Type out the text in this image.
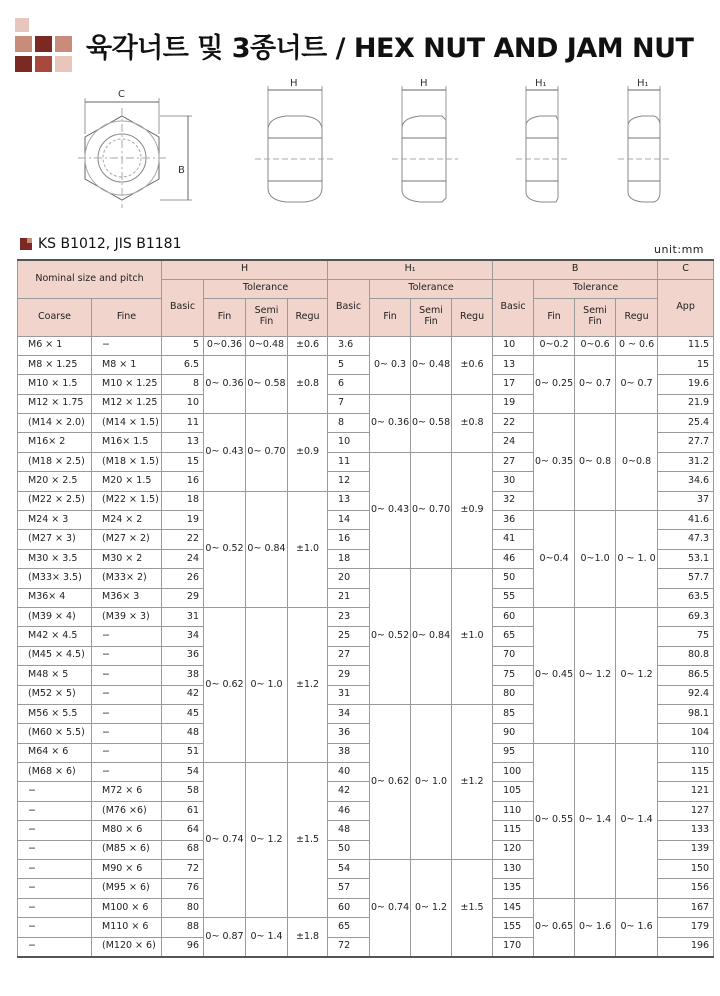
육각너트 및 3종너트 / HEX NUT AND JAM NUT
C
B
H	H	H₁	H₁
KS B1012, JIS B1181	unit:mm
Nominal size and pitch		H				H₁				B				C
		Basic	Tolerance			Basic	Tolerance			Basic	Tolerance			App
Coarse	Fine		Fin	Semi Fin	Regu		Fin	Semi Fin	Regu		Fin	Semi Fin	Regu	
M6 × 1	−	5	0~0.36	0~0.48	±0.6	3.6	0~ 0.3	0~ 0.48	±0.6	10	0~0.2	0~0.6	0 ~ 0.6	11.5
M8 × 1.25	M8 × 1	6.5	0~ 0.36	0~ 0.58	±0.8	5				13	0~ 0.25	0~ 0.7	0~ 0.7	15
M10 × 1.5	M10 × 1.25	8				6				17				19.6
M12 × 1.75	M12 × 1.25	10				7	0~ 0.36	0~ 0.58	±0.8	19				21.9
(M14 × 2.0)	(M14 × 1.5)	11	0~ 0.43	0~ 0.70	±0.9	8				22	0~ 0.35	0~ 0.8	0~0.8	25.4
M16× 2	M16× 1.5	13				10				24				27.7
(M18 × 2.5)	(M18 × 1.5)	15				11	0~ 0.43	0~ 0.70	±0.9	27				31.2
M20 × 2.5	M20 × 1.5	16				12				30				34.6
(M22 × 2.5)	(M22 × 1.5)	18	0~ 0.52	0~ 0.84	±1.0	13				32				37
M24 × 3	M24 × 2	19				14				36	0~0.4	0~1.0	0 ~ 1. 0	41.6
(M27 × 3)	(M27 × 2)	22				16				41				47.3
M30 × 3.5	M30 × 2	24				18				46				53.1
(M33× 3.5)	(M33× 2)	26				20	0~ 0.52	0~ 0.84	±1.0	50				57.7
M36× 4	M36× 3	29				21				55				63.5
(M39 × 4)	(M39 × 3)	31	0~ 0.62	0~ 1.0	±1.2	23				60	0~ 0.45	0~ 1.2	0~ 1.2	69.3
M42 × 4.5	−	34				25				65				75
(M45 × 4.5)	−	36				27				70				80.8
M48 × 5	−	38				29				75				86.5
(M52 × 5)	−	42				31				80				92.4
M56 × 5.5	−	45				34	0~ 0.62	0~ 1.0	±1.2	85				98.1
(M60 × 5.5)	−	48				36				90				104
M64 × 6	−	51				38				95	0~ 0.55	0~ 1.4	0~ 1.4	110
(M68 × 6)	−	54	0~ 0.74	0~ 1.2	±1.5	40				100				115
−	M72 × 6	58				42				105				121
−	(M76 ×6)	61				46				110				127
−	M80 × 6	64				48				115				133
−	(M85 × 6)	68				50				120				139
−	M90 × 6	72				54	0~ 0.74	0~ 1.2	±1.5	130				150
−	(M95 × 6)	76				57				135				156
−	M100 × 6	80				60				145	0~ 0.65	0~ 1.6	0~ 1.6	167
−	M110 × 6	88	0~ 0.87	0~ 1.4	±1.8	65				155				179
−	(M120 × 6)	96				72				170				196
